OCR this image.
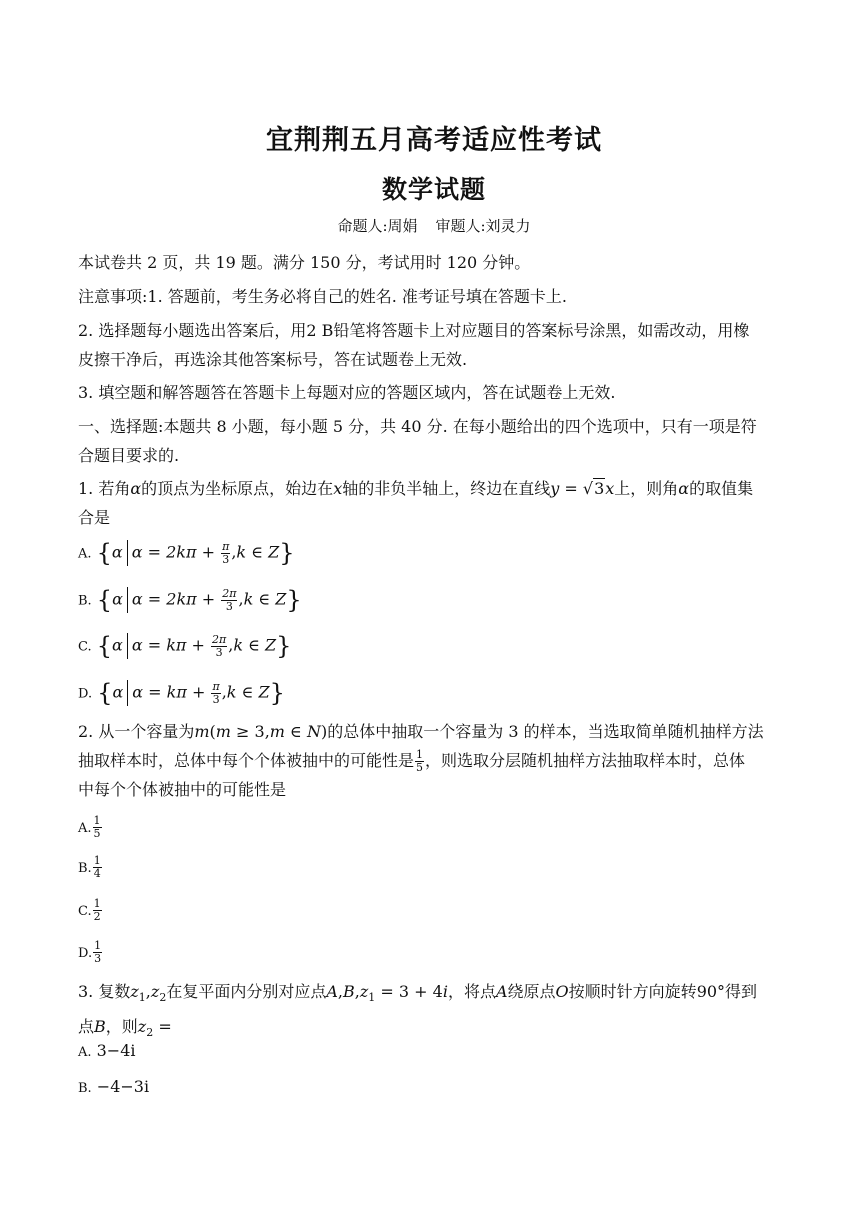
宜荆荆五月高考适应性考试
数学试题
命题人:周娟 审题人:刘灵力
本试卷共 2 页，共 19 题。满分 150 分，考试用时 120 分钟。
注意事项:1. 答题前，考生务必将自己的姓名. 准考证号填在答题卡上.
2. 选择题每小题选出答案后，用2 B铅笔将答题卡上对应题目的答案标号涂黑，如需改动，用橡
皮擦干净后，再选涂其他答案标号，答在试题卷上无效.
3. 填空题和解答题答在答题卡上每题对应的答题区域内，答在试题卷上无效.
一、选择题:本题共 8 小题，每小题 5 分，共 40 分. 在每小题给出的四个选项中，只有一项是符
合题目要求的.
1. 若角α的顶点为坐标原点，始边在x轴的非负半轴上，终边在直线y = √3x上，则角α的取值集
合是
A. {α $\alpha = 2k\pi + \frac{\pi}{3} ,k$ ∈ Z}
B. {α $\alpha = 2k\pi + \frac{2\pi}{3} ,k$ ∈ Z}
C. {α $\alpha = k\pi + \frac{2\pi}{3} ,k$ ∈ Z}
D. {α $\alpha = k\pi + \frac{\pi}{3} ,k$ ∈ Z}
2. 从一个容量为m(m ≥ 3,m ∈ N)的总体中抽取一个容量为 3 的样本，当选取简单随机抽样方法
抽取样本时，总体中每个个体被抽中的可能性是 $\frac{1}{5}$ ，则选取分层随机抽样方法抽取样本时，总体
中每个个体被抽中的可能性是
A. $\frac{1}{5}$
B. $\frac{1}{4}$
C. $\frac{1}{2}$
D. $\frac{1}{3}$
3. 复数$z_1,z_2$在复平面内分别对应点$A,B,z_1 = 3 + 4i$，将点A绕原点O按顺时针方向旋转90°得到
点B，则$z_2$ =
A. 3−4i
B. −4−3i
